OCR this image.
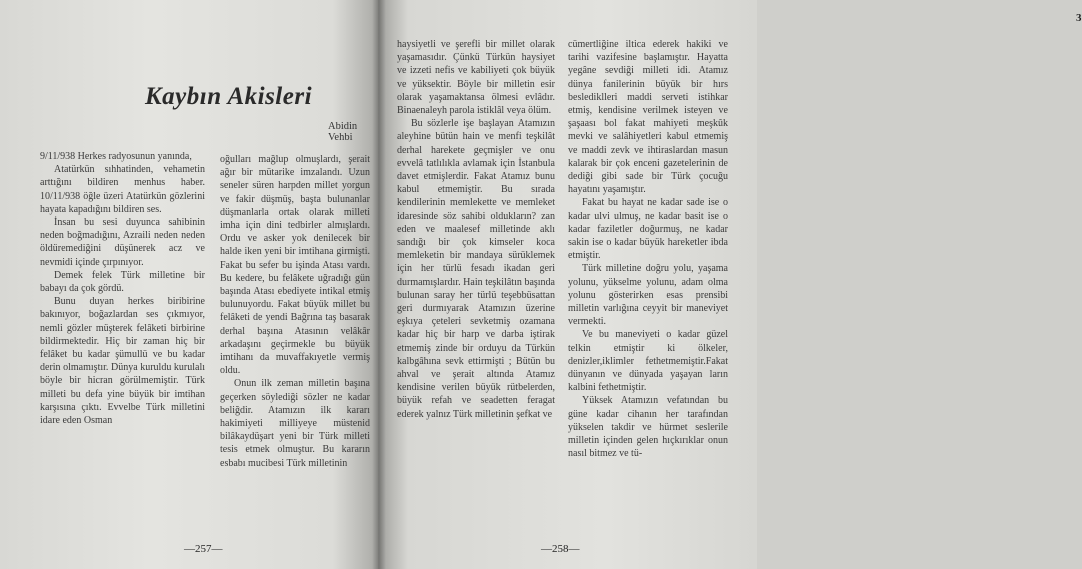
Kaybın Akisleri
Abidin Vehbi

9/11/938 Herkes radyosunun yanında,

Atatürkün sıhhatinden, vehametin arttığını bildiren menhus haber. 10/11/938 öğle üzeri Atatürkün gözlerini hayata kapadığını bildiren ses.

İnsan bu sesi duyunca sahibinin neden boğmadığını, Azraili neden neden öldüremediğini düşünerek acz ve nevmidi içinde çırpınıyor.

Demek felek Türk milletine bir babayı da çok gördü.

Bunu duyan herkes biribirine bakınıyor, boğazlardan ses çıkmıyor, nemli gözler müşterek felâketi birbirine bildirmektedir. Hiç bir zaman hiç bir felâket bu kadar şümullü ve bu kadar derin olmamıştır. Dünya kuruldu kurulalı böyle bir hicran görülmemiştir. Türk milleti bu defa yine büyük bir imtihan karşısına çıktı. Evvelbe Türk milletini idare eden Osman

oğulları mağlup olmuşlardı, şerait ağır bir mütarike imzalandı. Uzun seneler süren harpden millet yorgun ve fakir düşmüş, başta bulunanlar düşmanlarla ortak olarak milleti imha için dini tedbirler almışlardı. Ordu ve asker yok denilecek bir halde iken yeni bir imtihana girmişti. Fakat bu sefer bu işinda Atası vardı. Bu kedere, bu felâkete uğradığı gün başında Atası ebediyete intikal etmiş bulunuyordu. Fakat büyük millet bu felâketi de yendi Bağrına taş basarak derhal başına Atasının velâkâr arkadaşını geçirmekle bu büyük imtihanı da muvaffakıyetle vermiş oldu.

Onun ilk zeman milletin başına geçerken söylediği sözler ne kadar beliğdir. Atamızın ilk kararı hakimiyeti milliyeye müstenid bilâkaydüşart yeni bir Türk milleti tesis etmek olmuştur. Bu kararın esbabı mucibesi Türk milletinin

—257—
3

haysiyetli ve şerefli bir millet olarak yaşamasıdır. Çünkü Türkün haysiyet ve izzeti nefis ve kabiliyeti çok büyük ve yüksektir. Böyle bir milletin esir olarak yaşamaktansa ölmesi evlâdır. Binaenaleyh parola istiklâl veya ölüm.

Bu sözlerle işe başlayan Atamızın aleyhine bütün hain ve menfi teşkilât derhal harekete geçmişler ve onu evvelâ tatlılıkla avlamak için İstanbula davet etmişlerdir. Fakat Atamız bunu kabul etmemiştir. Bu sırada kendilerinin memlekette ve memleket idaresinde söz sahibi oldukların? zan eden ve maalesef milletinde aklı sandığı bir çok kimseler koca memleketin bir mandaya sürüklemek için her türlü fesadı ikadan geri durmamışlardır. Hain teşkilâtın başında bulunan saray her türlü teşebbüsattan geri durmıyarak Atamızın üzerine eşkıya çeteleri sevketmiş ozamana kadar hiç bir harp ve darba iştirak etmemiş zinde bir orduyu da Türkün kalbgâhına sevk ettirmişti ; Bütün bu ahval ve şerait altında Atamız kendisine verilen büyük rütbelerden, büyük refah ve seadetten feragat ederek yalnız Türk milletinin şefkat ve

cümertliğine iltica ederek hakiki ve tarihi vazifesine başlamıştır. Hayatta yegâne sevdiği milleti idi. Atamız dünya fanilerinin büyük bir hırs beslediklleri maddi serveti istihkar etmiş, kendisine verilmek isteyen ve şaşaası bol fakat mahiyeti meşkûk mevki ve salâhiyetleri kabul etmemiş ve maddi zevk ve ihtiraslardan masun kalarak bir çok enceni gazetelerinin de dediği gibi sade bir Türk çocuğu hayatını yaşamıştır.

Fakat bu hayat ne kadar sade ise o kadar ulvi ulmuş, ne kadar basit ise o kadar faziletler doğurmuş, ne kadar sakin ise o kadar büyük hareketler ibda etmiştir.

Türk milletine doğru yolu, yaşama yolunu, yükselme yolunu, adam olma yolunu gösterirken esas prensibi milletin varlığına ceyyit bir maneviyet vermekti.

Ve bu maneviyeti o kadar güzel telkin etmiştir ki ölkeler, denizler,iklimler fethetmemiştir.Fakat dünyanın ve dünyada yaşayan ların kalbini fethetmiştir.

Yüksek Atamızın vefatından bu güne kadar cihanın her tarafından yükselen takdir ve hürmet seslerile milletin içinden gelen hıçkırıklar onun nasıl bitmez ve tü-

—258—
